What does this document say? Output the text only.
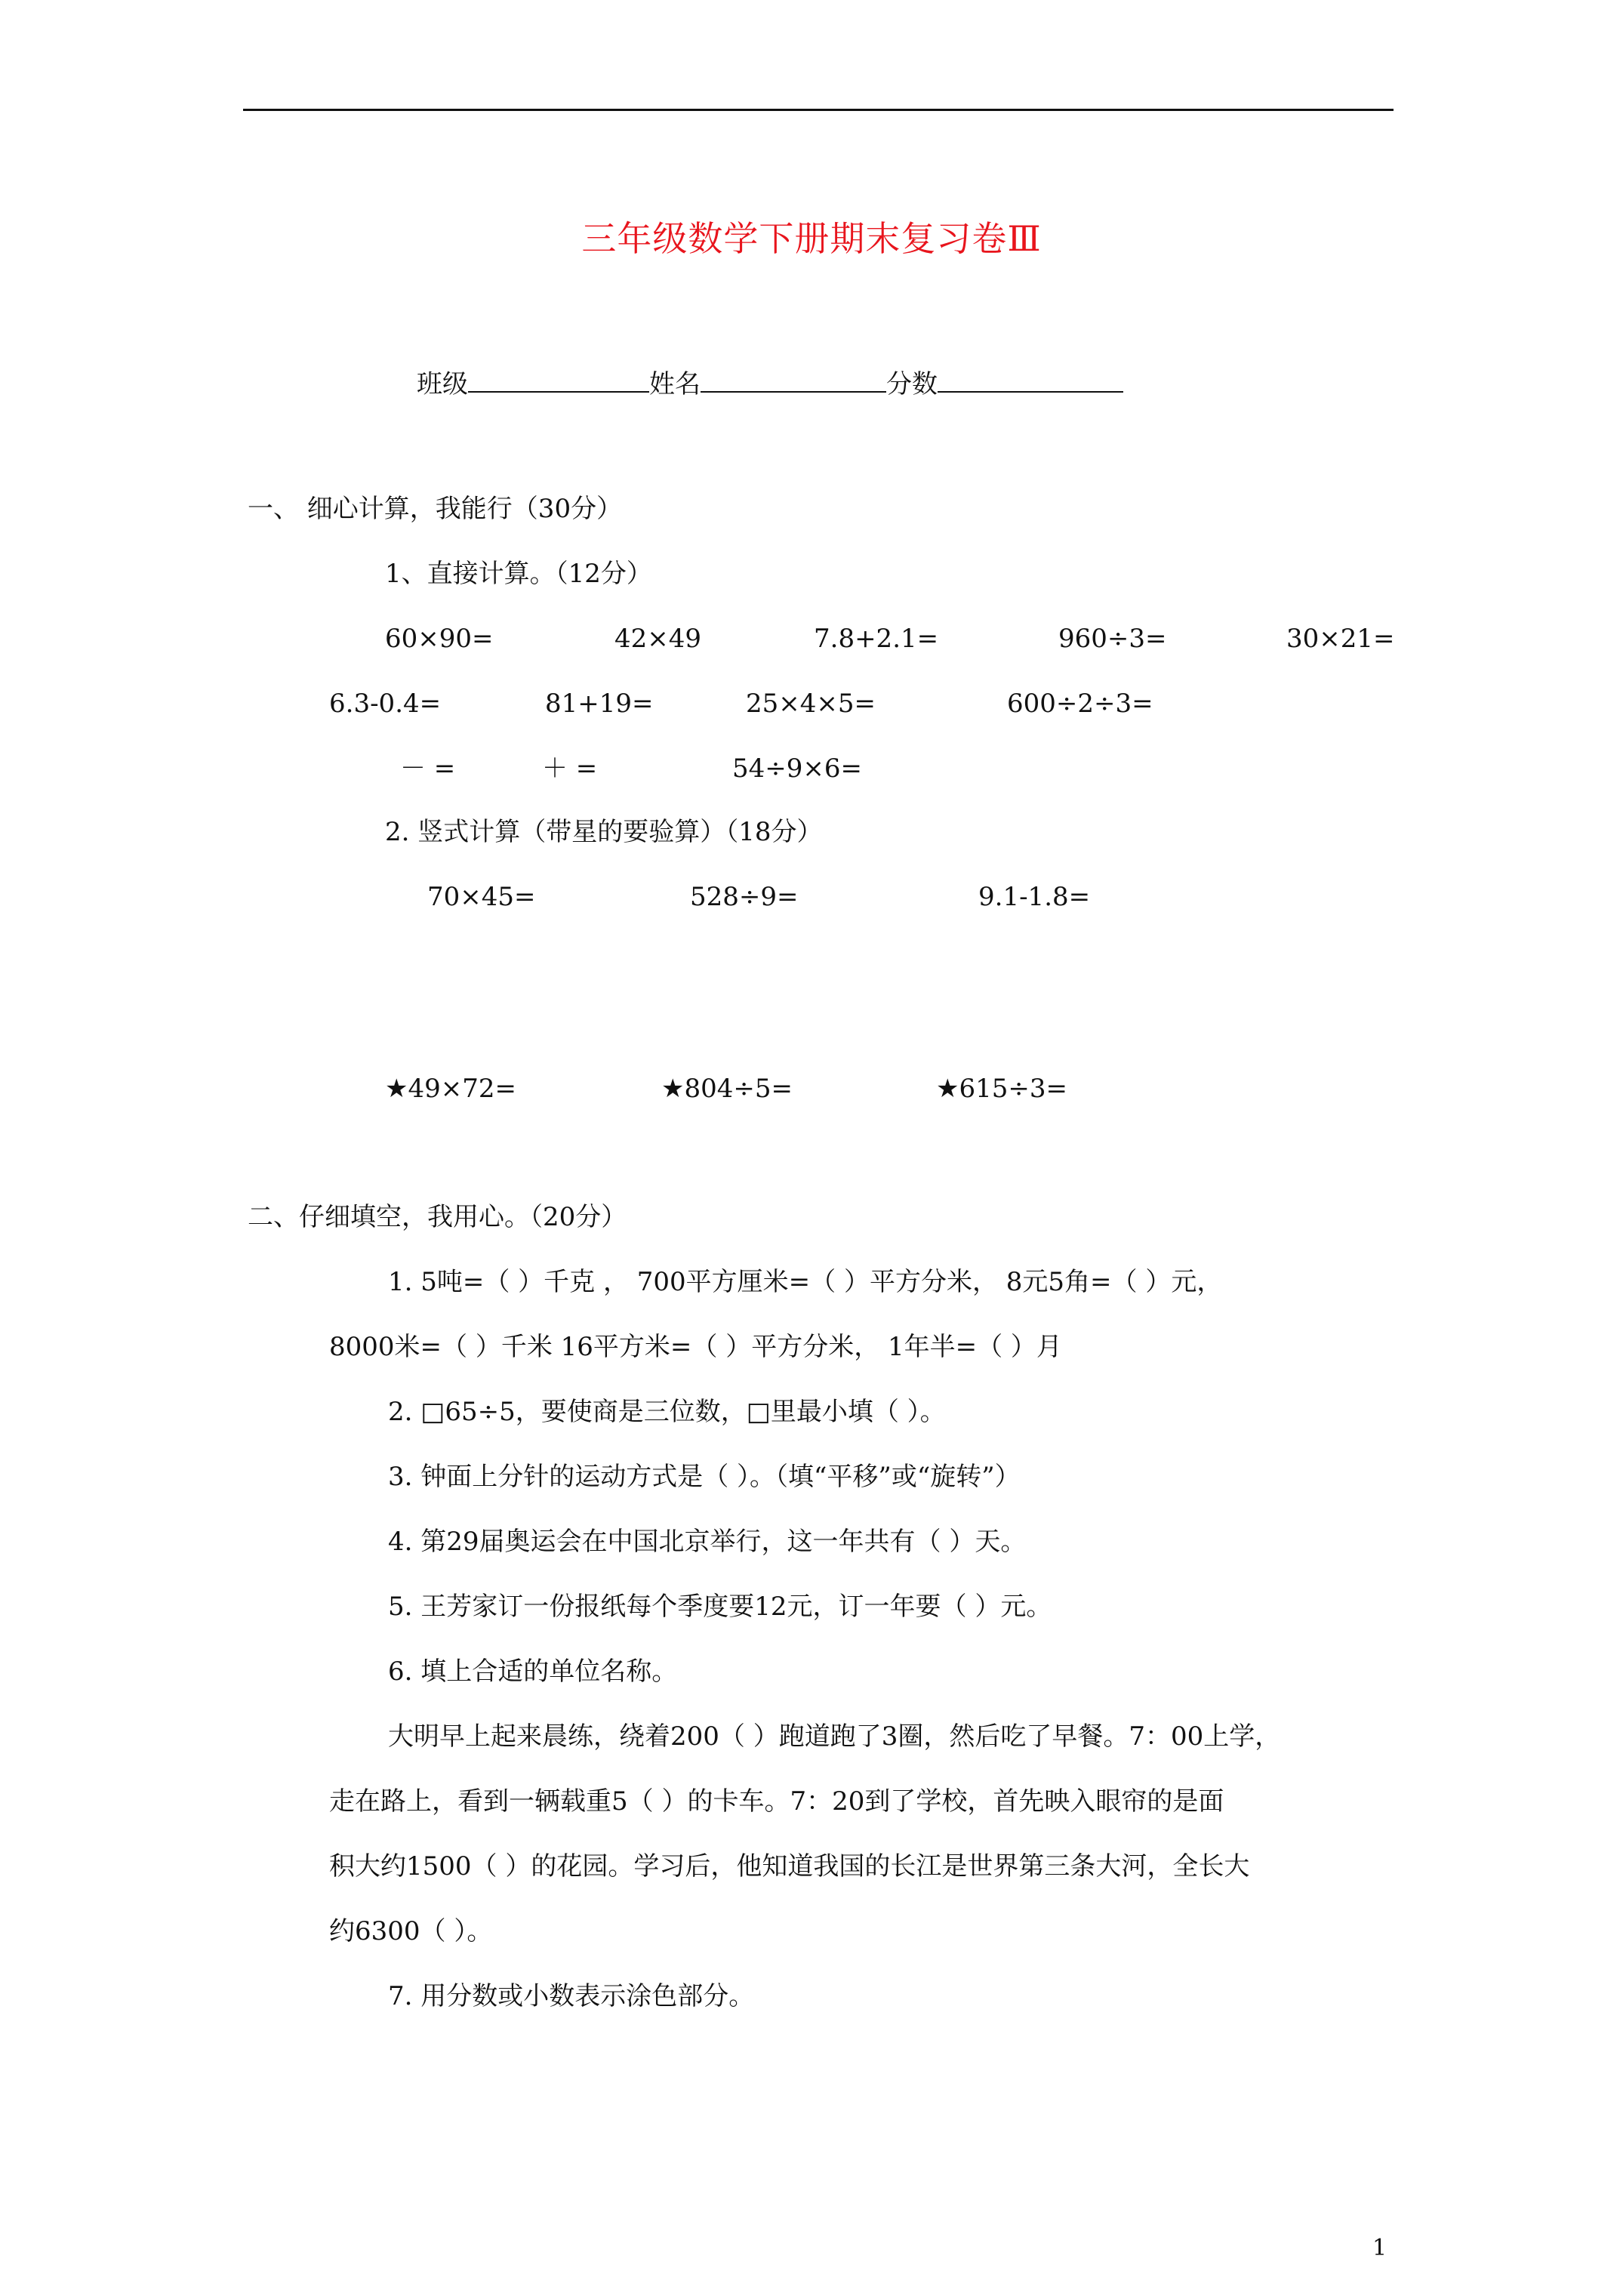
三年级数学下册期末复习卷Ⅲ
班级	姓名	分数
一、 细心计算，我能行（30分）
1、直接计算。（12分）
60×90=	42×49	7.8+2.1=	960÷3=	30×21=
6.3-0.4=	81+19=	25×4×5=	600÷2÷3=
－ =	＋ =	54÷9×6=
2. 竖式计算（带星的要验算）（18分）
70×45=	528÷9=	9.1-1.8=
★49×72=	★804÷5=	★615÷3=
二、仔细填空，我用心。（20分）
1. 5吨=（ ）千克 ， 700平方厘米=（ ）平方分米， 8元5角=（ ）元，
8000米=（ ）千米 16平方米=（ ）平方分米， 1年半=（ ）月
2. □65÷5，要使商是三位数，□里最小填（ ）。
3. 钟面上分针的运动方式是（ ）。（填“平移”或“旋转”）
4. 第29届奥运会在中国北京举行，这一年共有（ ）天。
5. 王芳家订一份报纸每个季度要12元，订一年要（ ）元。
6. 填上合适的单位名称。
大明早上起来晨练，绕着200（ ）跑道跑了3圈，然后吃了早餐。7：00上学，
走在路上，看到一辆载重5（ ）的卡车。7：20到了学校，首先映入眼帘的是面
积大约1500（ ）的花园。学习后，他知道我国的长江是世界第三条大河，全长大
约6300（ ）。
7. 用分数或小数表示涂色部分。
1
